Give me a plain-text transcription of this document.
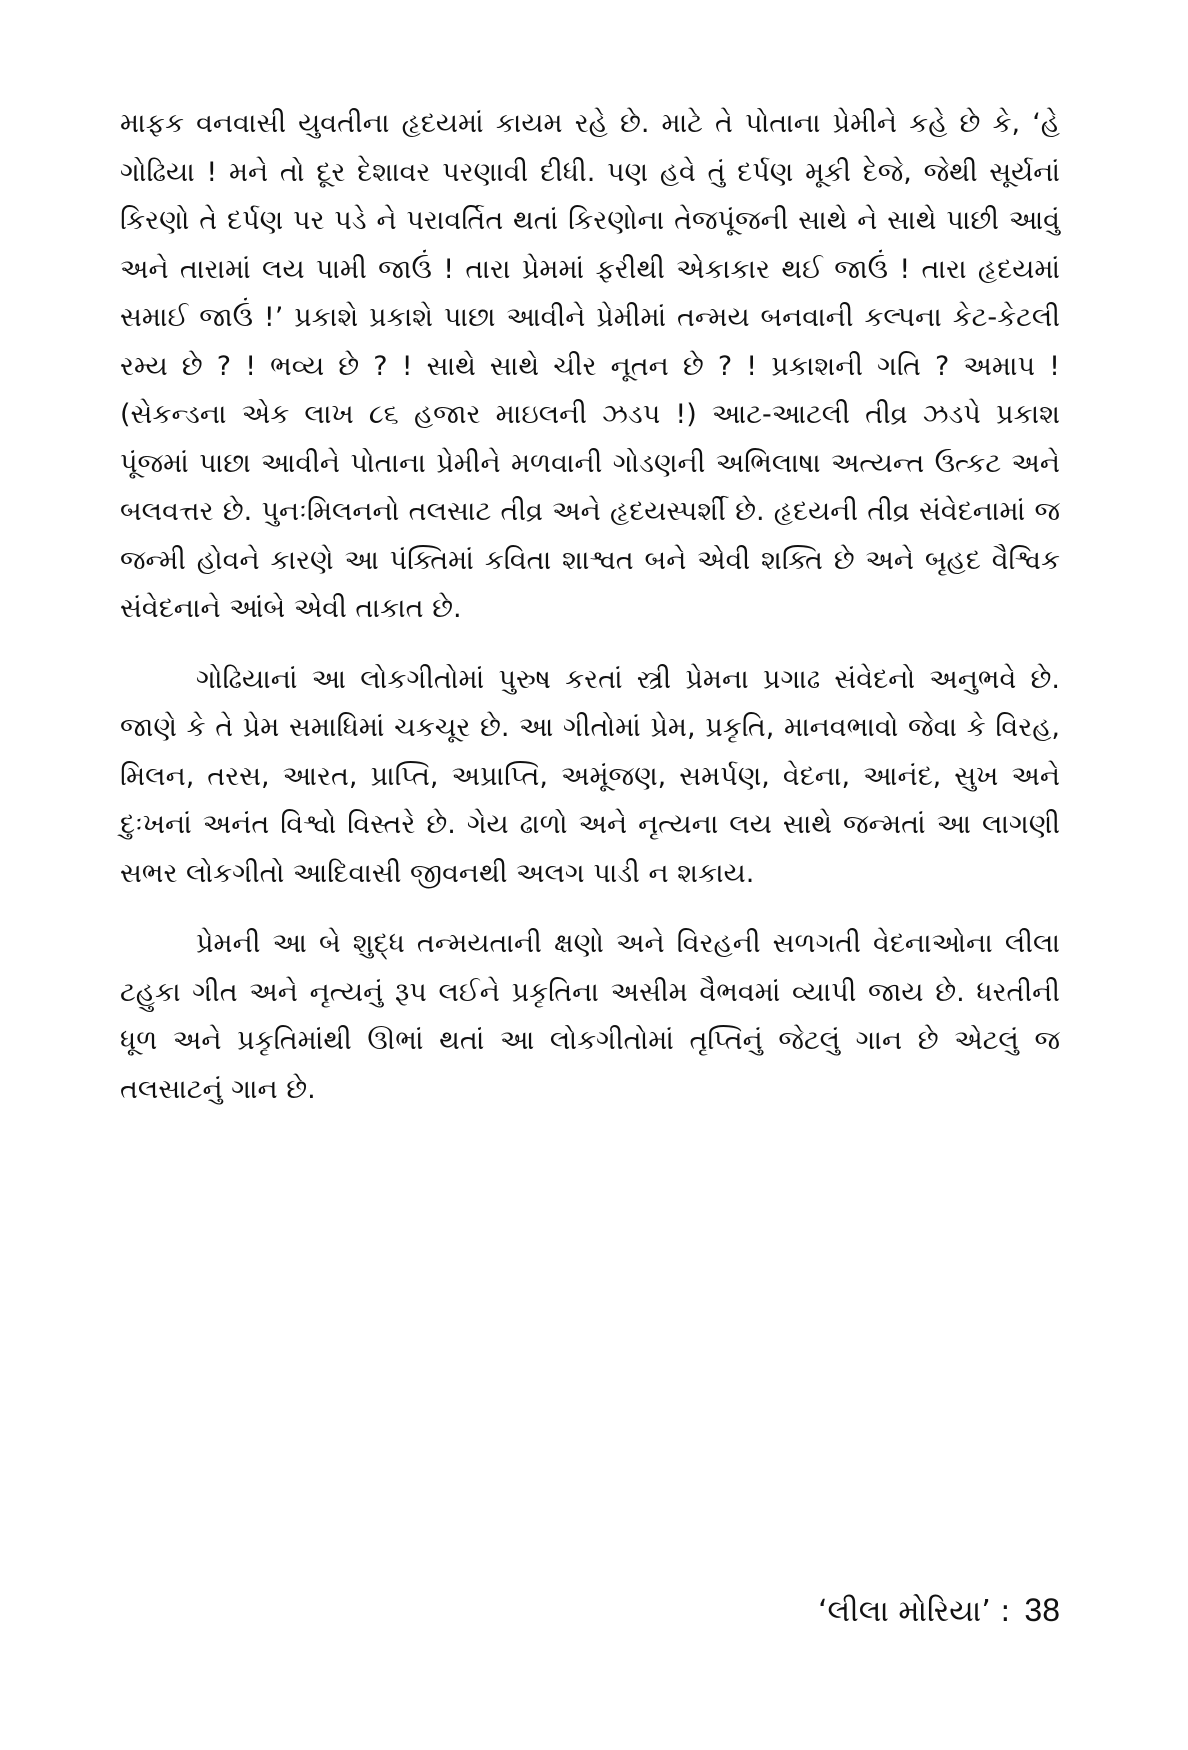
માફક વનવાસી યુવતીના હૃદયમાં કાયમ રહે છે. માટે તે પોતાના પ્રેમીને કહે છે કે, ‘હે ગોઢિયા ! મને તો દૂર દેશાવર પરણાવી દીધી. પણ હવે તું દર્પણ મૂકી દેજે, જેથી સૂર્યનાં કિરણો તે દર્પણ પર પડે ને પરાવર્તિત થતાં કિરણોના તેજપૂંજની સાથે ને સાથે પાછી આવું અને તારામાં લય પામી જાઉં ! તારા પ્રેમમાં ફરીથી એકાકાર થઈ જાઉં ! તારા હૃદયમાં સમાઈ જાઉં !’ પ્રકાશે પ્રકાશે પાછા આવીને પ્રેમીમાં તન્મય બનવાની કલ્પના કેટ-કેટલી રમ્ય છે ? ! ભવ્ય છે ? ! સાથે સાથે ચીર નૂતન છે ? ! પ્રકાશની ગતિ ? અમાપ ! (સેકન્ડના એક લાખ ૮૬ હજાર માઇલની ઝડપ !) આટ-આટલી તીવ્ર ઝડપે પ્રકાશ પૂંજમાં પાછા આવીને પોતાના પ્રેમીને મળવાની ગોડણની અભિલાષા અત્યન્ત ઉત્કટ અને બલવત્તર છે. પુનઃમિલનનો તલસાટ તીવ્ર અને હૃદયસ્પર્શી છે. હૃદયની તીવ્ર સંવેદનામાં જ જન્મી હોવને કારણે આ પંક્તિમાં કવિતા શાશ્વત બને એવી શક્તિ છે અને બૃહદ વૈશ્વિક સંવેદનાને આંબે એવી તાકાત છે.

ગોઢિયાનાં આ લોકગીતોમાં પુરુષ કરતાં સ્ત્રી પ્રેમના પ્રગાઢ સંવેદનો અનુભવે છે. જાણે કે તે પ્રેમ સમાધિમાં ચકચૂર છે. આ ગીતોમાં પ્રેમ, પ્રકૃતિ, માનવભાવો જેવા કે વિરહ, મિલન, તરસ, આરત, પ્રાપ્તિ, અપ્રાપ્તિ, અમૂંજણ, સમર્પણ, વેદના, આનંદ, સુખ અને દુઃખનાં અનંત વિશ્વો વિસ્તરે છે. ગેય ઢાળો અને નૃત્યના લય સાથે જન્મતાં આ લાગણી સભર લોકગીતો આદિવાસી જીવનથી અલગ પાડી ન શકાય.

પ્રેમની આ બે શુદ્ધ તન્મયતાની ક્ષણો અને વિરહની સળગતી વેદનાઓના લીલા ટહુકા ગીત અને નૃત્યનું રૂપ લઈને પ્રકૃતિના અસીમ વૈભવમાં વ્યાપી જાય છે. ધરતીની ધૂળ અને પ્રકૃતિમાંથી ઊભાં થતાં આ લોકગીતોમાં તૃપ્તિનું જેટલું ગાન છે એટલું જ તલસાટનું ગાન છે.

‘લીલા મોરિયા’ : 38
